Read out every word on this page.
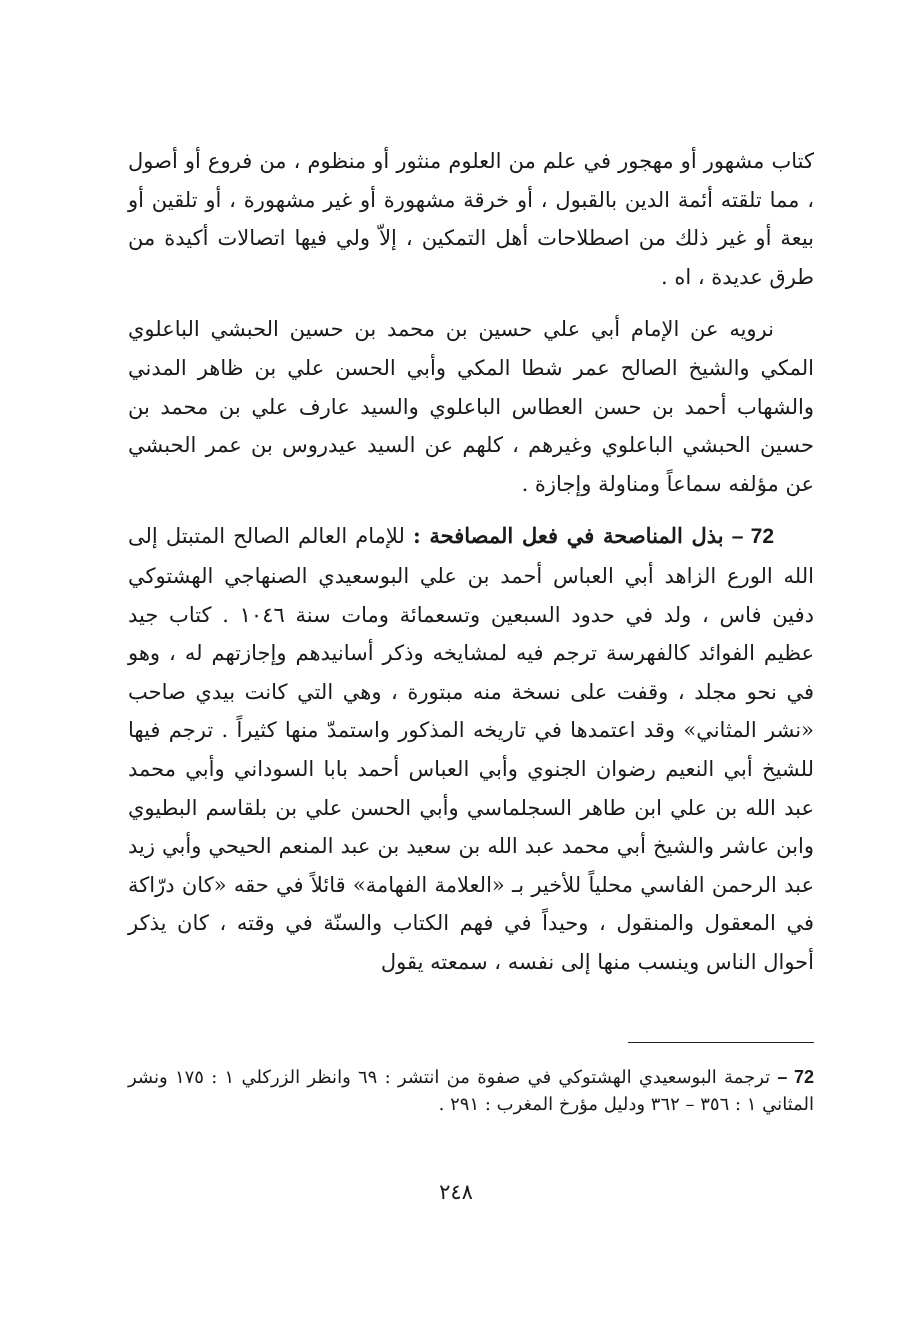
كتاب مشهور أو مهجور في علم من العلوم منثور أو منظوم ، من فروع أو أصول ، مما تلقته أئمة الدين بالقبول ، أو خرقة مشهورة أو غير مشهورة ، أو تلقين أو بيعة أو غير ذلك من اصطلاحات أهل التمكين ، إلاّ ولي فيها اتصالات أكيدة من طرق عديدة ، اه .

نرويه عن الإمام أبي علي حسين بن محمد بن حسين الحبشي الباعلوي المكي والشيخ الصالح عمر شطا المكي وأبي الحسن علي بن ظاهر المدني والشهاب أحمد بن حسن العطاس الباعلوي والسيد عارف علي بن محمد بن حسين الحبشي الباعلوي وغيرهم ، كلهم عن السيد عيدروس بن عمر الحبشي عن مؤلفه سماعاً ومناولة وإجازة .

72 – بذل المناصحة في فعل المصافحة : للإمام العالم الصالح المتبتل إلى الله الورع الزاهد أبي العباس أحمد بن علي البوسعيدي الصنهاجي الهشتوكي دفين فاس ، ولد في حدود السبعين وتسعمائة ومات سنة ١٠٤٦ . كتاب جيد عظيم الفوائد كالفهرسة ترجم فيه لمشايخه وذكر أسانيدهم وإجازتهم له ، وهو في نحو مجلد ، وقفت على نسخة منه مبتورة ، وهي التي كانت بيدي صاحب «نشر المثاني» وقد اعتمدها في تاريخه المذكور واستمدّ منها كثيراً . ترجم فيها للشيخ أبي النعيم رضوان الجنوي وأبي العباس أحمد بابا السوداني وأبي محمد عبد الله بن علي ابن طاهر السجلماسي وأبي الحسن علي بن بلقاسم البطيوي وابن عاشر والشيخ أبي محمد عبد الله بن سعيد بن عبد المنعم الحيحي وأبي زيد عبد الرحمن الفاسي محلياً للأخير بـ «العلامة الفهامة» قائلاً في حقه «كان درّاكة في المعقول والمنقول ، وحيداً في فهم الكتاب والسنّة في وقته ، كان يذكر أحوال الناس وينسب منها إلى نفسه ، سمعته يقول

72 – ترجمة البوسعيدي الهشتوكي في صفوة من انتشر : ٦٩ وانظر الزركلي ١ : ١٧٥ ونشر المثاني ١ : ٣٥٦ – ٣٦٢ ودليل مؤرخ المغرب : ٢٩١ .
٢٤٨
